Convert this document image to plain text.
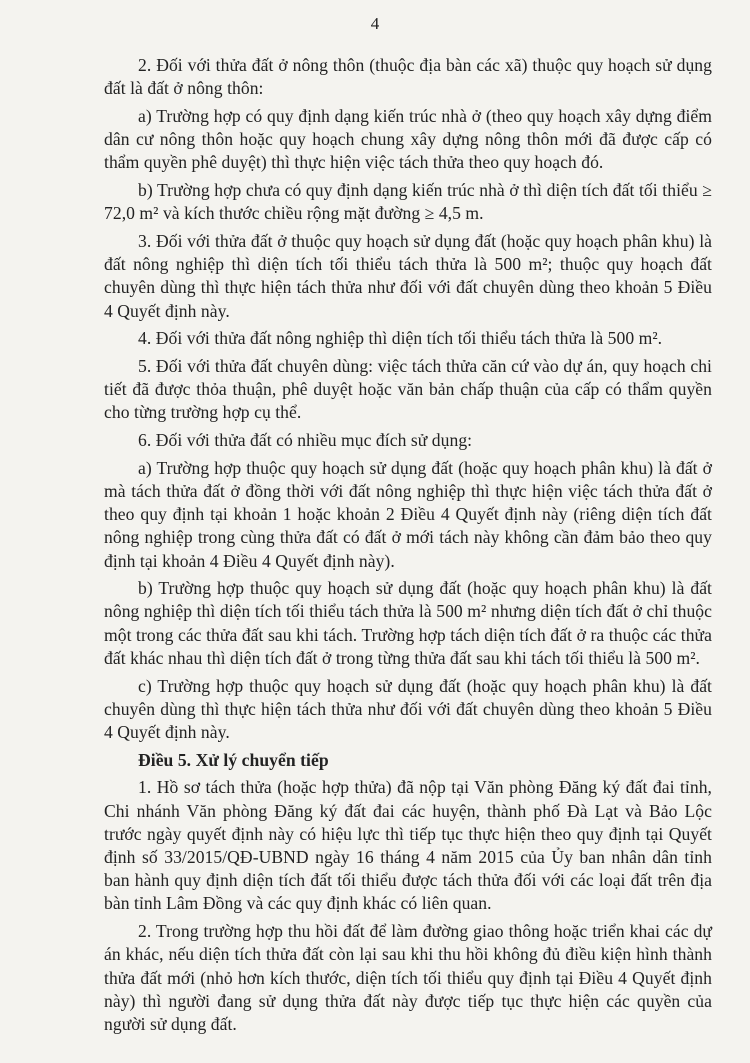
4

2. Đối với thửa đất ở nông thôn (thuộc địa bàn các xã) thuộc quy hoạch sử dụng đất là đất ở nông thôn:

a) Trường hợp có quy định dạng kiến trúc nhà ở (theo quy hoạch xây dựng điểm dân cư nông thôn hoặc quy hoạch chung xây dựng nông thôn mới đã được cấp có thẩm quyền phê duyệt) thì thực hiện việc tách thửa theo quy hoạch đó.

b) Trường hợp chưa có quy định dạng kiến trúc nhà ở thì diện tích đất tối thiểu ≥ 72,0 m² và kích thước chiều rộng mặt đường ≥ 4,5 m.

3. Đối với thửa đất ở thuộc quy hoạch sử dụng đất (hoặc quy hoạch phân khu) là đất nông nghiệp thì diện tích tối thiểu tách thửa là 500 m²; thuộc quy hoạch đất chuyên dùng thì thực hiện tách thửa như đối với đất chuyên dùng theo khoản 5 Điều 4 Quyết định này.

4. Đối với thửa đất nông nghiệp thì diện tích tối thiểu tách thửa là 500 m².

5. Đối với thửa đất chuyên dùng: việc tách thửa căn cứ vào dự án, quy hoạch chi tiết đã được thỏa thuận, phê duyệt hoặc văn bản chấp thuận của cấp có thẩm quyền cho từng trường hợp cụ thể.

6. Đối với thửa đất có nhiều mục đích sử dụng:

a) Trường hợp thuộc quy hoạch sử dụng đất (hoặc quy hoạch phân khu) là đất ở mà tách thửa đất ở đồng thời với đất nông nghiệp thì thực hiện việc tách thửa đất ở theo quy định tại khoản 1 hoặc khoản 2 Điều 4 Quyết định này (riêng diện tích đất nông nghiệp trong cùng thửa đất có đất ở mới tách này không cần đảm bảo theo quy định tại khoản 4 Điều 4 Quyết định này).

b) Trường hợp thuộc quy hoạch sử dụng đất (hoặc quy hoạch phân khu) là đất nông nghiệp thì diện tích tối thiểu tách thửa là 500 m² nhưng diện tích đất ở chỉ thuộc một trong các thửa đất sau khi tách. Trường hợp tách diện tích đất ở ra thuộc các thửa đất khác nhau thì diện tích đất ở trong từng thửa đất sau khi tách tối thiểu là 500 m².

c) Trường hợp thuộc quy hoạch sử dụng đất (hoặc quy hoạch phân khu) là đất chuyên dùng thì thực hiện tách thửa như đối với đất chuyên dùng theo khoản 5 Điều 4 Quyết định này.

Điều 5. Xử lý chuyển tiếp

1. Hồ sơ tách thửa (hoặc hợp thửa) đã nộp tại Văn phòng Đăng ký đất đai tỉnh, Chi nhánh Văn phòng Đăng ký đất đai các huyện, thành phố Đà Lạt và Bảo Lộc trước ngày quyết định này có hiệu lực thì tiếp tục thực hiện theo quy định tại Quyết định số 33/2015/QĐ-UBND ngày 16 tháng 4 năm 2015 của Ủy ban nhân dân tỉnh ban hành quy định diện tích đất tối thiểu được tách thửa đối với các loại đất trên địa bàn tỉnh Lâm Đồng và các quy định khác có liên quan.

2. Trong trường hợp thu hồi đất để làm đường giao thông hoặc triển khai các dự án khác, nếu diện tích thửa đất còn lại sau khi thu hồi không đủ điều kiện hình thành thửa đất mới (nhỏ hơn kích thước, diện tích tối thiểu quy định tại Điều 4 Quyết định này) thì người đang sử dụng thửa đất này được tiếp tục thực hiện các quyền của người sử dụng đất.
